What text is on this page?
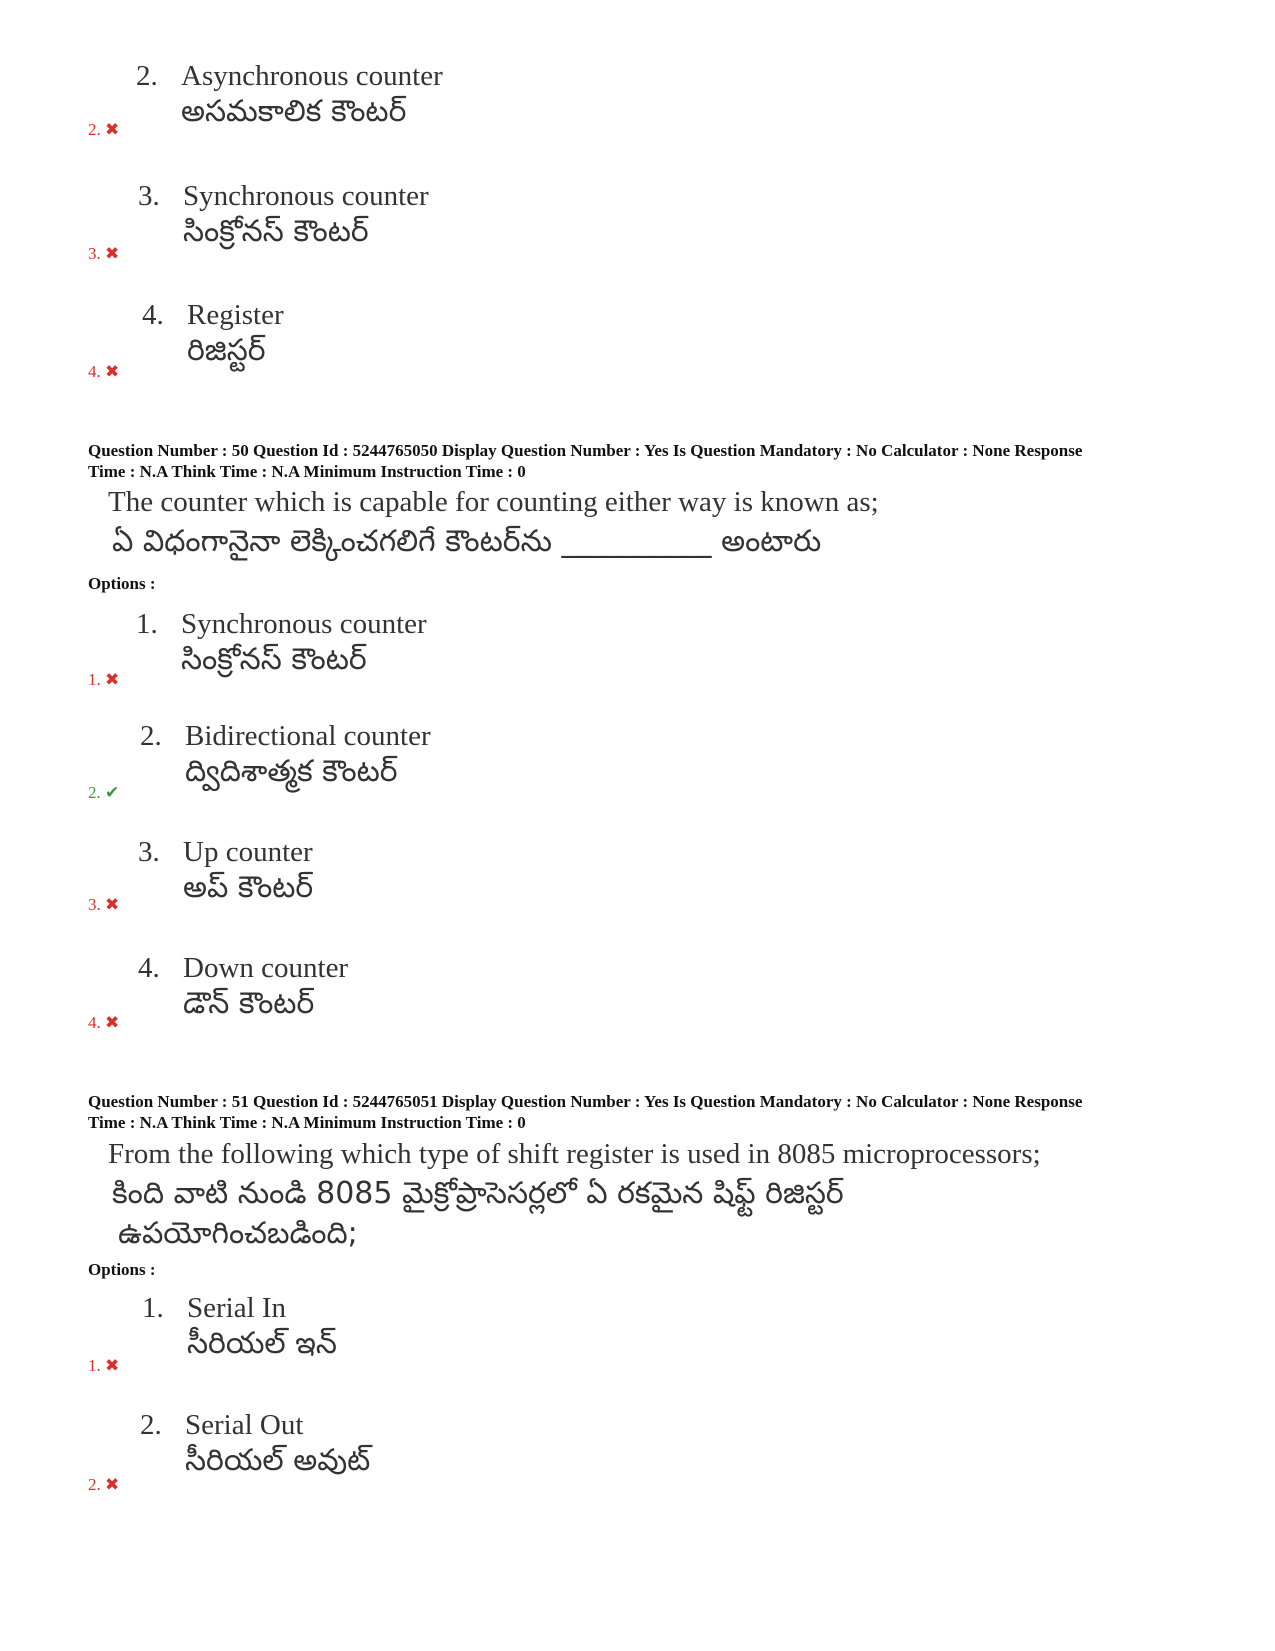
2. Asynchronous counter
అసమకాలిక కౌంటర్
2. ✖
3. Synchronous counter
సింక్రోనస్ కౌంటర్
3. ✖
4. Register
రిజిస్టర్
4. ✖
Question Number : 50 Question Id : 5244765050 Display Question Number : Yes Is Question Mandatory : No Calculator : None Response
Time : N.A Think Time : N.A Minimum Instruction Time : 0
The counter which is capable for counting either way is known as;
ఏ విధంగానైనా లెక్కించగలిగే కౌంటర్‌ను __________ అంటారు
Options :
1. Synchronous counter
సింక్రోనస్ కౌంటర్
1. ✖
2. Bidirectional counter
ద్విదిశాత్మక కౌంటర్
2. ✔
3. Up counter
అప్ కౌంటర్
3. ✖
4. Down counter
డౌన్ కౌంటర్
4. ✖
Question Number : 51 Question Id : 5244765051 Display Question Number : Yes Is Question Mandatory : No Calculator : None Response
Time : N.A Think Time : N.A Minimum Instruction Time : 0
From the following which type of shift register is used in 8085 microprocessors;
కింది వాటి నుండి 8085 మైక్రోప్రాసెసర్లలో ఏ రకమైన షిఫ్ట్ రిజిస్టర్
ఉపయోగించబడింది;
Options :
1. Serial In
సీరియల్ ఇన్
1. ✖
2. Serial Out
సీరియల్ అవుట్
2. ✖
